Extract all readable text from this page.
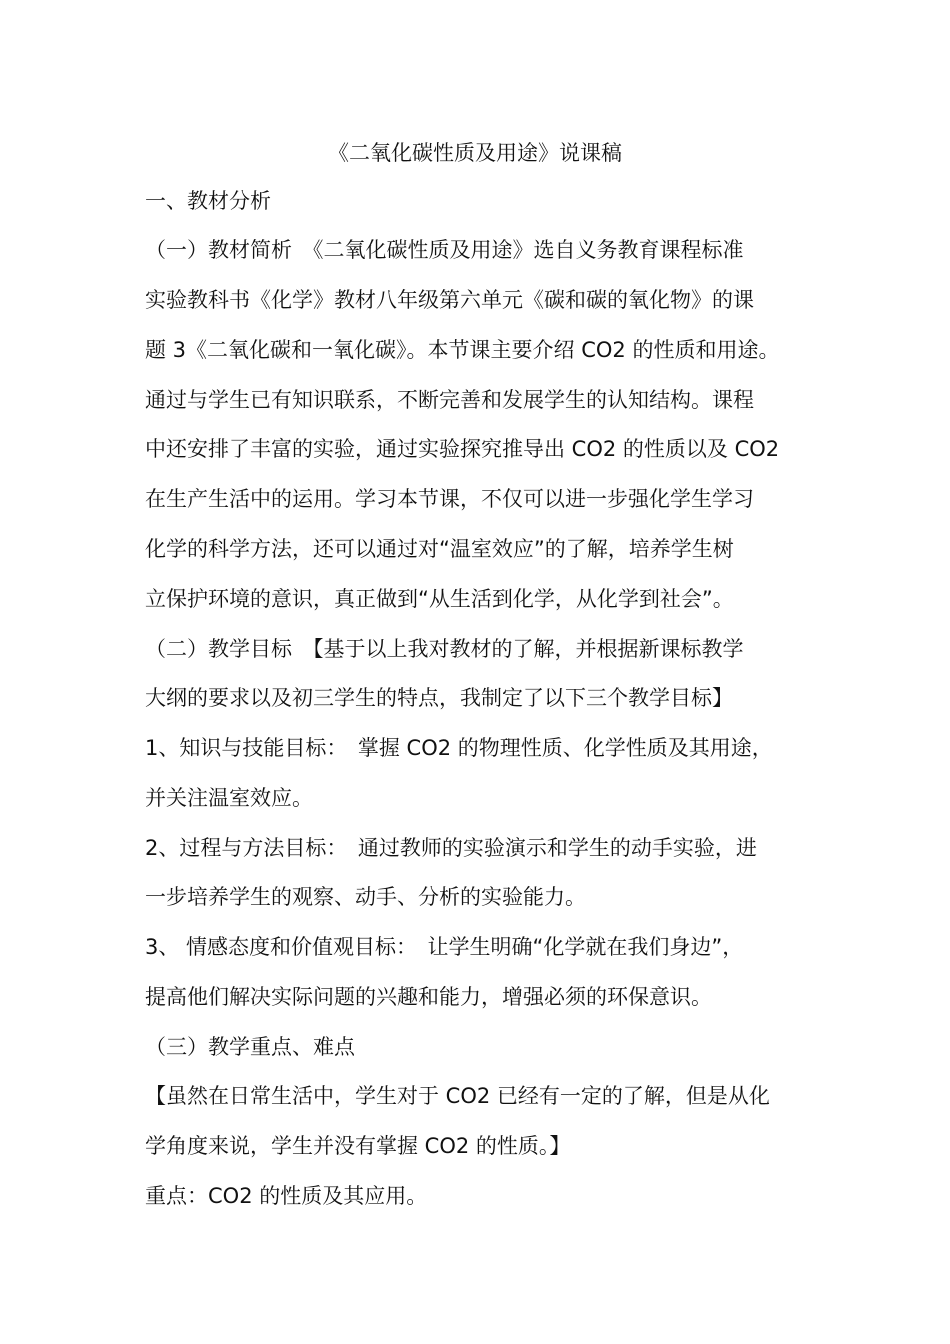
《二氧化碳性质及用途》说课稿
一、教材分析
（一）教材简析　《二氧化碳性质及用途》选自义务教育课程标准
实验教科书《化学》教材八年级第六单元《碳和碳的氧化物》的课
题 3《二氧化碳和一氧化碳》。本节课主要介绍 CO2 的性质和用途。
通过与学生已有知识联系，不断完善和发展学生的认知结构。课程
中还安排了丰富的实验，通过实验探究推导出 CO2 的性质以及 CO2
在生产生活中的运用。学习本节课，不仅可以进一步强化学生学习
化学的科学方法，还可以通过对“温室效应”的了解，培养学生树
立保护环境的意识，真正做到“从生活到化学，从化学到社会”。
（二）教学目标　【基于以上我对教材的了解，并根据新课标教学
大纲的要求以及初三学生的特点，我制定了以下三个教学目标】
1、知识与技能目标：　掌握 CO2 的物理性质、化学性质及其用途，
并关注温室效应。
2、过程与方法目标：　通过教师的实验演示和学生的动手实验，进
一步培养学生的观察、动手、分析的实验能力。
3、 情感态度和价值观目标：　让学生明确“化学就在我们身边”，
提高他们解决实际问题的兴趣和能力，增强必须的环保意识。
（三）教学重点、难点
【虽然在日常生活中，学生对于 CO2 已经有一定的了解，但是从化
学角度来说，学生并没有掌握 CO2 的性质。】
重点：CO2 的性质及其应用。
